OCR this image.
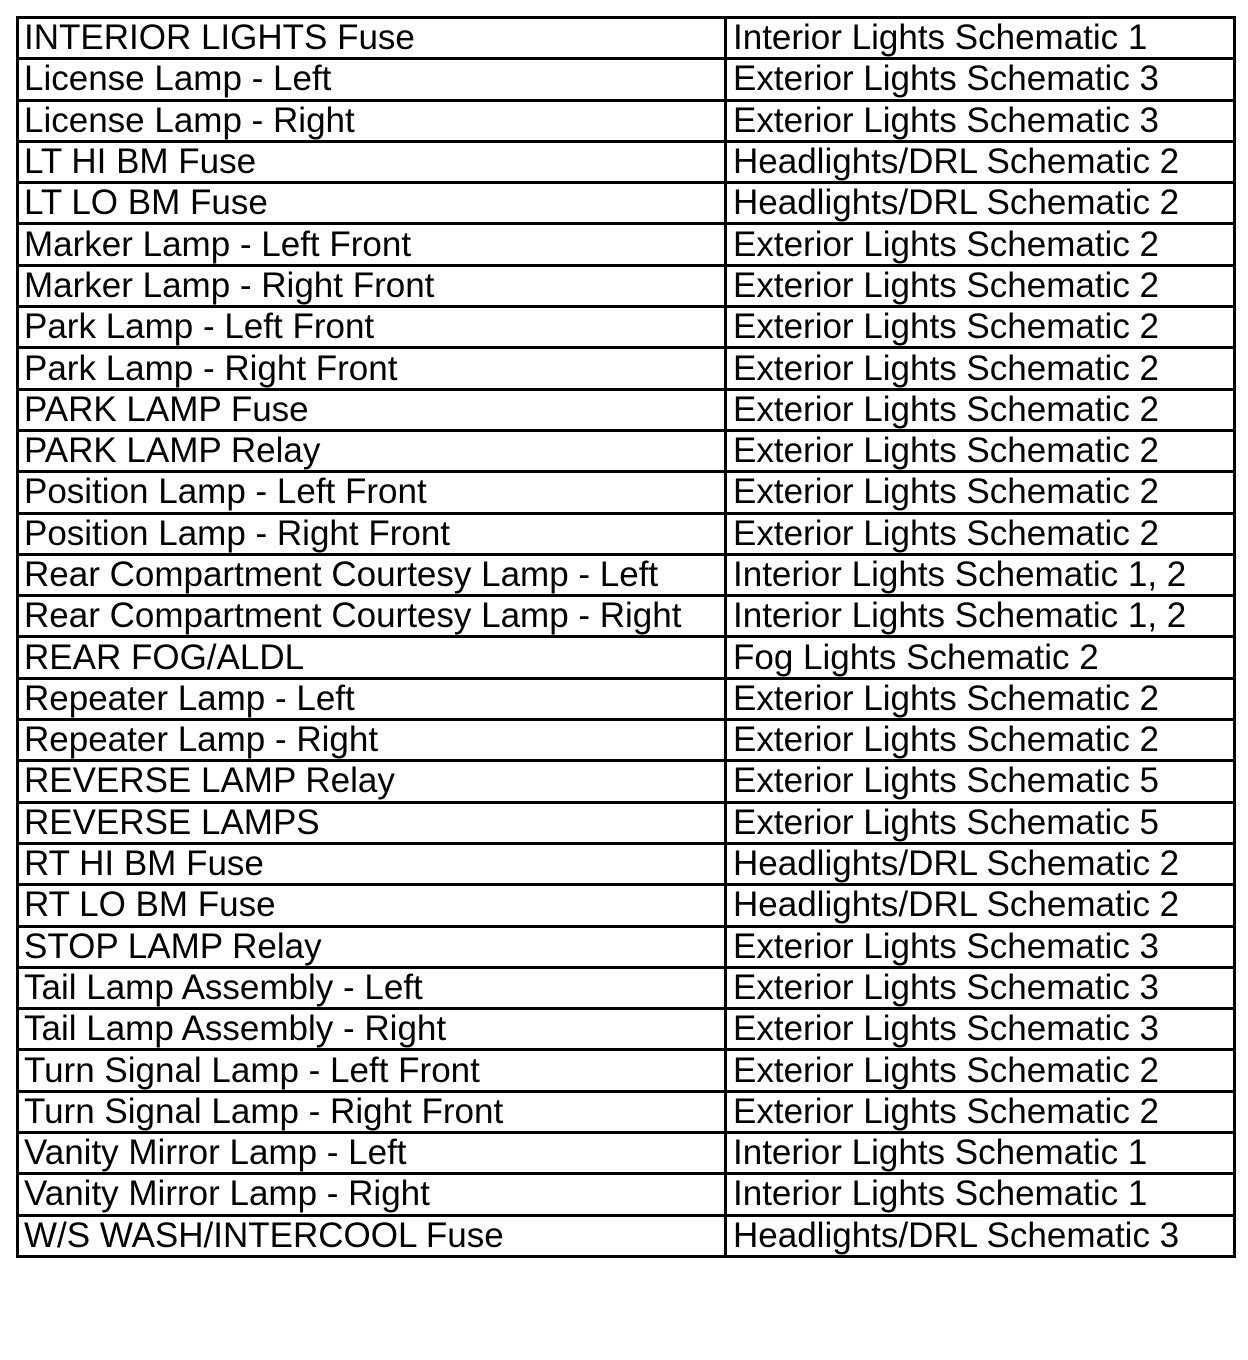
INTERIOR LIGHTS Fuse	Interior Lights Schematic 1
License Lamp - Left	Exterior Lights Schematic 3
License Lamp - Right	Exterior Lights Schematic 3
LT HI BM Fuse	Headlights/DRL Schematic 2
LT LO BM Fuse	Headlights/DRL Schematic 2
Marker Lamp - Left Front	Exterior Lights Schematic 2
Marker Lamp - Right Front	Exterior Lights Schematic 2
Park Lamp - Left Front	Exterior Lights Schematic 2
Park Lamp - Right Front	Exterior Lights Schematic 2
PARK LAMP Fuse	Exterior Lights Schematic 2
PARK LAMP Relay	Exterior Lights Schematic 2
Position Lamp - Left Front	Exterior Lights Schematic 2
Position Lamp - Right Front	Exterior Lights Schematic 2
Rear Compartment Courtesy Lamp - Left	Interior Lights Schematic 1, 2
Rear Compartment Courtesy Lamp - Right	Interior Lights Schematic 1, 2
REAR FOG/ALDL	Fog Lights Schematic 2
Repeater Lamp - Left	Exterior Lights Schematic 2
Repeater Lamp - Right	Exterior Lights Schematic 2
REVERSE LAMP Relay	Exterior Lights Schematic 5
REVERSE LAMPS	Exterior Lights Schematic 5
RT HI BM Fuse	Headlights/DRL Schematic 2
RT LO BM Fuse	Headlights/DRL Schematic 2
STOP LAMP Relay	Exterior Lights Schematic 3
Tail Lamp Assembly - Left	Exterior Lights Schematic 3
Tail Lamp Assembly - Right	Exterior Lights Schematic 3
Turn Signal Lamp - Left Front	Exterior Lights Schematic 2
Turn Signal Lamp - Right Front	Exterior Lights Schematic 2
Vanity Mirror Lamp - Left	Interior Lights Schematic 1
Vanity Mirror Lamp - Right	Interior Lights Schematic 1
W/S WASH/INTERCOOL Fuse	Headlights/DRL Schematic 3
